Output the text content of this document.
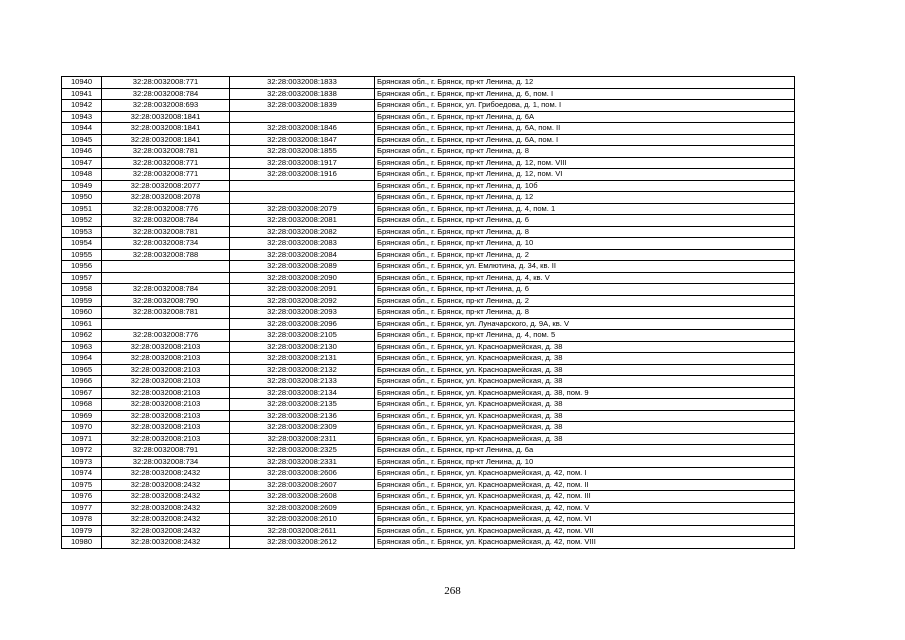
10940	32:28:0032008:771	32:28:0032008:1833	Брянская обл., г. Брянск, пр-кт Ленина, д. 12
10941	32:28:0032008:784	32:28:0032008:1838	Брянская обл., г. Брянск, пр-кт Ленина, д. 6, пом. I
10942	32:28:0032008:693	32:28:0032008:1839	Брянская обл., г. Брянск, ул. Грибоедова, д. 1, пом. I
10943	32:28:0032008:1841		Брянская обл., г. Брянск, пр-кт Ленина, д. 6А
10944	32:28:0032008:1841	32:28:0032008:1846	Брянская обл., г. Брянск, пр-кт Ленина, д. 6А, пом. II
10945	32:28:0032008:1841	32:28:0032008:1847	Брянская обл., г. Брянск, пр-кт Ленина, д. 6А, пом. I
10946	32:28:0032008:781	32:28:0032008:1855	Брянская обл., г. Брянск, пр-кт Ленина, д. 8
10947	32:28:0032008:771	32:28:0032008:1917	Брянская обл., г. Брянск, пр-кт Ленина, д. 12, пом. VIII
10948	32:28:0032008:771	32:28:0032008:1916	Брянская обл., г. Брянск, пр-кт Ленина, д. 12, пом. VI
10949	32:28:0032008:2077		Брянская обл., г. Брянск, пр-кт Ленина, д. 10б
10950	32:28:0032008:2078		Брянская обл., г. Брянск, пр-кт Ленина, д. 12
10951	32:28:0032008:776	32:28:0032008:2079	Брянская обл., г. Брянск, пр-кт Ленина, д. 4, пом. 1
10952	32:28:0032008:784	32:28:0032008:2081	Брянская обл., г. Брянск, пр-кт Ленина, д. 6
10953	32:28:0032008:781	32:28:0032008:2082	Брянская обл., г. Брянск, пр-кт Ленина, д. 8
10954	32:28:0032008:734	32:28:0032008:2083	Брянская обл., г. Брянск, пр-кт Ленина, д. 10
10955	32:28:0032008:788	32:28:0032008:2084	Брянская обл., г. Брянск, пр-кт Ленина, д. 2
10956		32:28:0032008:2089	Брянская обл., г. Брянск, ул. Емлютина, д. 34, кв. II
10957		32:28:0032008:2090	Брянская обл., г. Брянск, пр-кт Ленина, д. 4, кв. V
10958	32:28:0032008:784	32:28:0032008:2091	Брянская обл., г. Брянск, пр-кт Ленина, д. 6
10959	32:28:0032008:790	32:28:0032008:2092	Брянская обл., г. Брянск, пр-кт Ленина, д. 2
10960	32:28:0032008:781	32:28:0032008:2093	Брянская обл., г. Брянск, пр-кт Ленина, д. 8
10961		32:28:0032008:2096	Брянская обл., г. Брянск, ул. Луначарского, д. 9А, кв. V
10962	32:28:0032008:776	32:28:0032008:2105	Брянская обл., г. Брянск, пр-кт Ленина, д. 4, пом. 5
10963	32:28:0032008:2103	32:28:0032008:2130	Брянская обл., г. Брянск, ул. Красноармейская, д. 38
10964	32:28:0032008:2103	32:28:0032008:2131	Брянская обл., г. Брянск, ул. Красноармейская, д. 38
10965	32:28:0032008:2103	32:28:0032008:2132	Брянская обл., г. Брянск, ул. Красноармейская, д. 38
10966	32:28:0032008:2103	32:28:0032008:2133	Брянская обл., г. Брянск, ул. Красноармейская, д. 38
10967	32:28:0032008:2103	32:28:0032008:2134	Брянская обл., г. Брянск, ул. Красноармейская, д. 38, пом. 9
10968	32:28:0032008:2103	32:28:0032008:2135	Брянская обл., г. Брянск, ул. Красноармейская, д. 38
10969	32:28:0032008:2103	32:28:0032008:2136	Брянская обл., г. Брянск, ул. Красноармейская, д. 38
10970	32:28:0032008:2103	32:28:0032008:2309	Брянская обл., г. Брянск, ул. Красноармейская, д. 38
10971	32:28:0032008:2103	32:28:0032008:2311	Брянская обл., г. Брянск, ул. Красноармейская, д. 38
10972	32:28:0032008:791	32:28:0032008:2325	Брянская обл., г. Брянск, пр-кт Ленина, д. 6а
10973	32:28:0032008:734	32:28:0032008:2331	Брянская обл., г. Брянск, пр-кт Ленина, д. 10
10974	32:28:0032008:2432	32:28:0032008:2606	Брянская обл., г. Брянск, ул. Красноармейская, д. 42, пом. I
10975	32:28:0032008:2432	32:28:0032008:2607	Брянская обл., г. Брянск, ул. Красноармейская, д. 42, пом. II
10976	32:28:0032008:2432	32:28:0032008:2608	Брянская обл., г. Брянск, ул. Красноармейская, д. 42, пом. III
10977	32:28:0032008:2432	32:28:0032008:2609	Брянская обл., г. Брянск, ул. Красноармейская, д. 42, пом. V
10978	32:28:0032008:2432	32:28:0032008:2610	Брянская обл., г. Брянск, ул. Красноармейская, д. 42, пом. VI
10979	32:28:0032008:2432	32:28:0032008:2611	Брянская обл., г. Брянск, ул. Красноармейская, д. 42, пом. VII
10980	32:28:0032008:2432	32:28:0032008:2612	Брянская обл., г. Брянск, ул. Красноармейская, д. 42, пом. VIII
268
